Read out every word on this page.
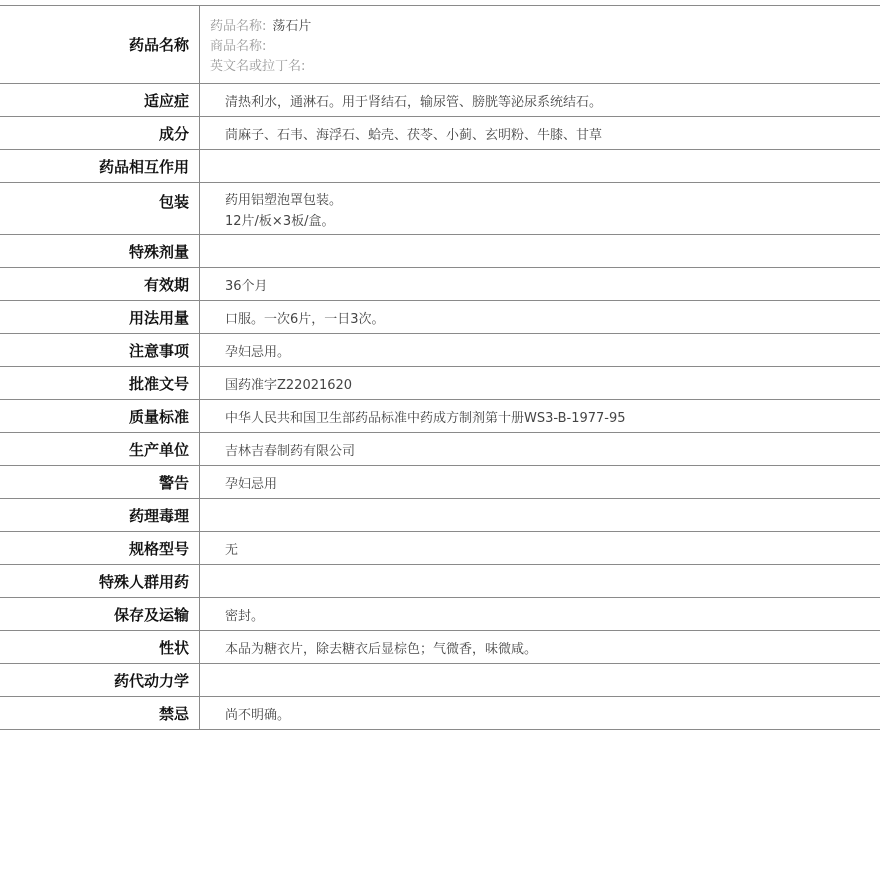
药品名称
药品名称: 荡石片
商品名称:
英文名或拉丁名:
适应症	清热利水，通淋石。用于肾结石，输尿管、膀胱等泌尿系统结石。
成分	茼麻子、石韦、海浮石、蛤壳、茯苓、小蓟、玄明粉、牛膝、甘草
药品相互作用
包装	药用铝塑泡罩包装。
12片/板×3板/盒。
特殊剂量
有效期	36个月
用法用量	口服。一次6片，一日3次。
注意事项	孕妇忌用。
批准文号	国药准字Z22021620
质量标准	中华人民共和国卫生部药品标准中药成方制剂第十册WS3-B-1977-95
生产单位	吉林吉春制药有限公司
警告	孕妇忌用
药理毒理
规格型号	无
特殊人群用药
保存及运输	密封。
性状	本品为糖衣片，除去糖衣后显棕色；气微香，味微咸。
药代动力学
禁忌	尚不明确。
